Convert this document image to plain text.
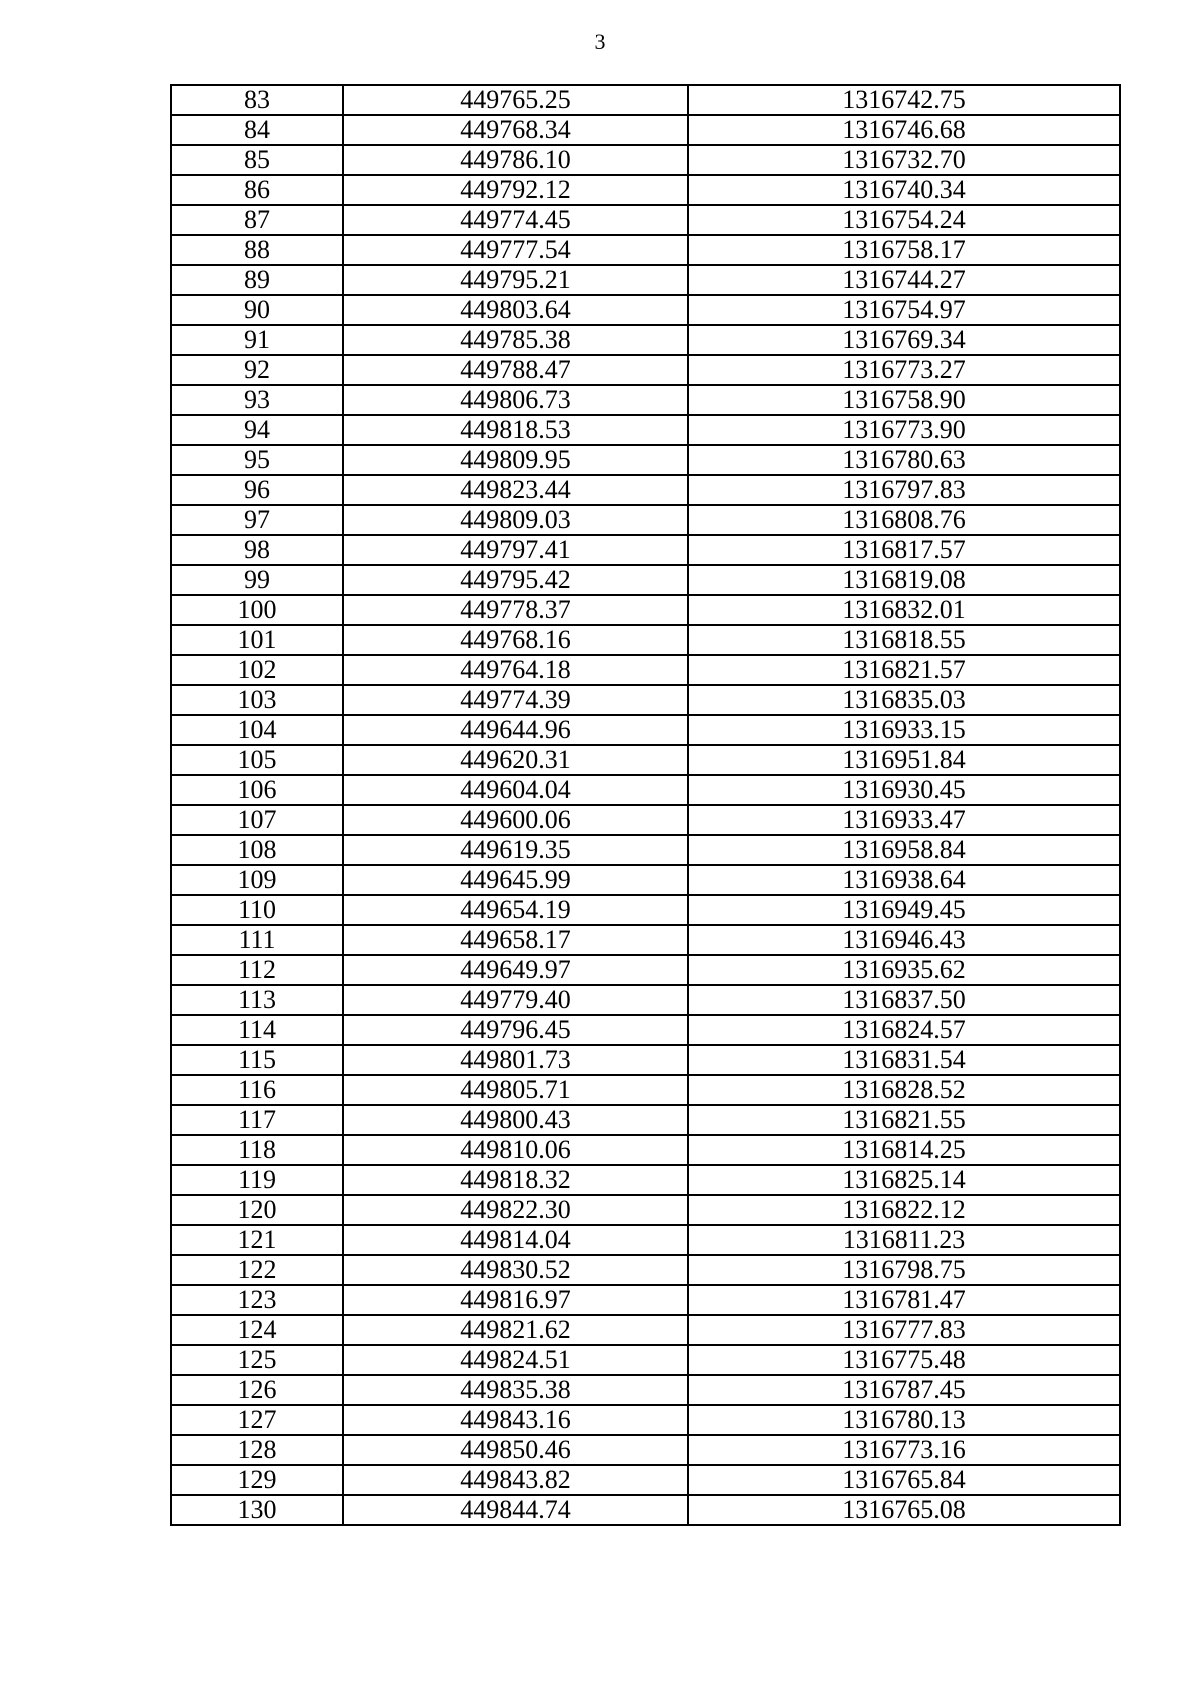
3
83	449765.25	1316742.75
84	449768.34	1316746.68
85	449786.10	1316732.70
86	449792.12	1316740.34
87	449774.45	1316754.24
88	449777.54	1316758.17
89	449795.21	1316744.27
90	449803.64	1316754.97
91	449785.38	1316769.34
92	449788.47	1316773.27
93	449806.73	1316758.90
94	449818.53	1316773.90
95	449809.95	1316780.63
96	449823.44	1316797.83
97	449809.03	1316808.76
98	449797.41	1316817.57
99	449795.42	1316819.08
100	449778.37	1316832.01
101	449768.16	1316818.55
102	449764.18	1316821.57
103	449774.39	1316835.03
104	449644.96	1316933.15
105	449620.31	1316951.84
106	449604.04	1316930.45
107	449600.06	1316933.47
108	449619.35	1316958.84
109	449645.99	1316938.64
110	449654.19	1316949.45
111	449658.17	1316946.43
112	449649.97	1316935.62
113	449779.40	1316837.50
114	449796.45	1316824.57
115	449801.73	1316831.54
116	449805.71	1316828.52
117	449800.43	1316821.55
118	449810.06	1316814.25
119	449818.32	1316825.14
120	449822.30	1316822.12
121	449814.04	1316811.23
122	449830.52	1316798.75
123	449816.97	1316781.47
124	449821.62	1316777.83
125	449824.51	1316775.48
126	449835.38	1316787.45
127	449843.16	1316780.13
128	449850.46	1316773.16
129	449843.82	1316765.84
130	449844.74	1316765.08
